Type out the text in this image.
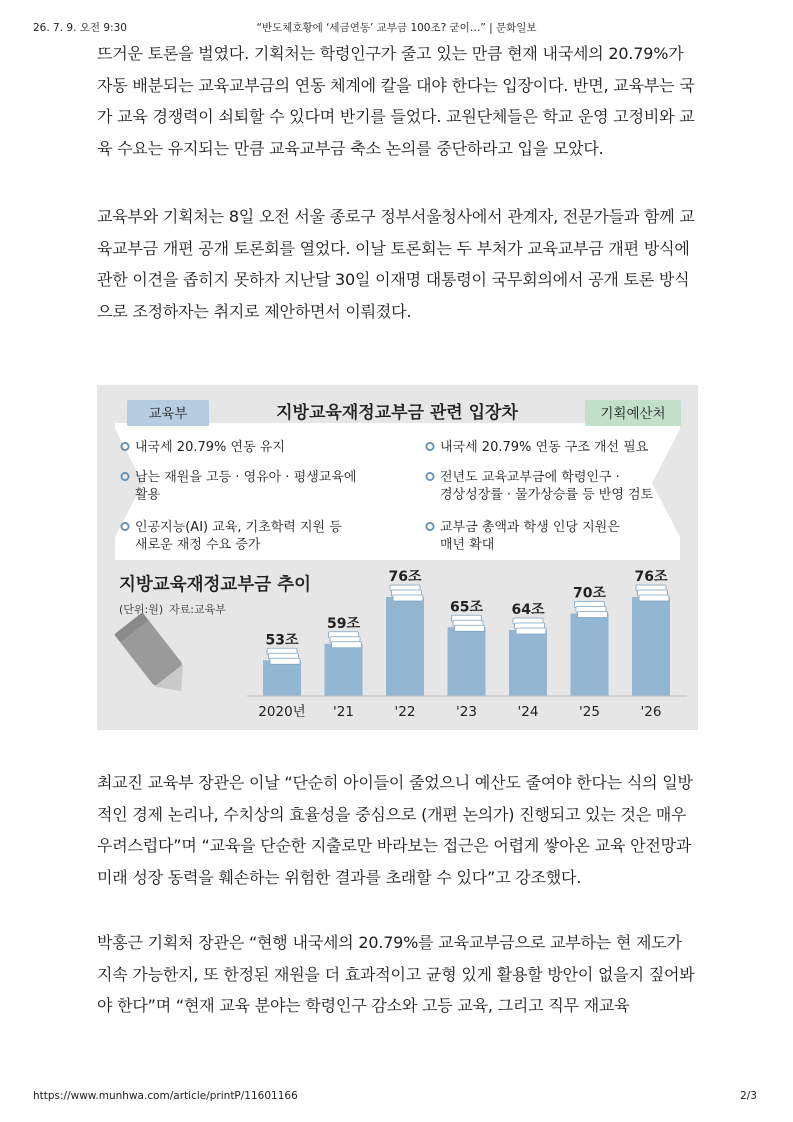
26. 7. 9. 오전 9:30	“반도체호황에 ‘세금연동’ 교부금 100조? 굳이…” | 문화일보

뜨거운 토론을 벌였다. 기획처는 학령인구가 줄고 있는 만큼 현재 내국세의 20.79%가 자동 배분되는 교육교부금의 연동 체계에 칼을 대야 한다는 입장이다. 반면, 교육부는 국가 교육 경쟁력이 쇠퇴할 수 있다며 반기를 들었다. 교원단체들은 학교 운영 고정비와 교육 수요는 유지되는 만큼 교육교부금 축소 논의를 중단하라고 입을 모았다.

교육부와 기획처는 8일 오전 서울 종로구 정부서울청사에서 관계자, 전문가들과 함께 교육교부금 개편 공개 토론회를 열었다. 이날 토론회는 두 부처가 교육교부금 개편 방식에 관한 이견을 좁히지 못하자 지난달 30일 이재명 대통령이 국무회의에서 공개 토론 방식으로 조정하자는 취지로 제안하면서 이뤄졌다.

교육부	기획예산처
지방교육재정교부금 관련 입장차
내국세 20.79% 연동 유지
남는 재원을 고등 · 영유아 · 평생교육에
활용
인공지능(AI) 교육, 기초학력 지원 등
새로운 재정 수요 증가
내국세 20.79% 연동 구조 개선 필요
전년도 교육교부금에 학령인구 ·
경상성장률 · 물가상승률 등 반영 검토
교부금 총액과 학생 인당 지원은
매년 확대
지방교육재정교부금 추이
(단위:원) 자료:교육부
53조
2020년
59조
'21
76조
'22
65조
'23
64조
'24
70조
'25
76조
'26

최교진 교육부 장관은 이날 “단순히 아이들이 줄었으니 예산도 줄여야 한다는 식의 일방적인 경제 논리나, 수치상의 효율성을 중심으로 (개편 논의가) 진행되고 있는 것은 매우 우려스럽다”며 “교육을 단순한 지출로만 바라보는 접근은 어렵게 쌓아온 교육 안전망과 미래 성장 동력을 훼손하는 위험한 결과를 초래할 수 있다”고 강조했다.

박홍근 기획처 장관은 “현행 내국세의 20.79%를 교육교부금으로 교부하는 현 제도가 지속 가능한지, 또 한정된 재원을 더 효과적이고 균형 있게 활용할 방안이 없을지 짚어봐야 한다”며 “현재 교육 분야는 학령인구 감소와 고등 교육, 그리고 직무 재교육

https://www.munhwa.com/article/printP/11601166	2/3
